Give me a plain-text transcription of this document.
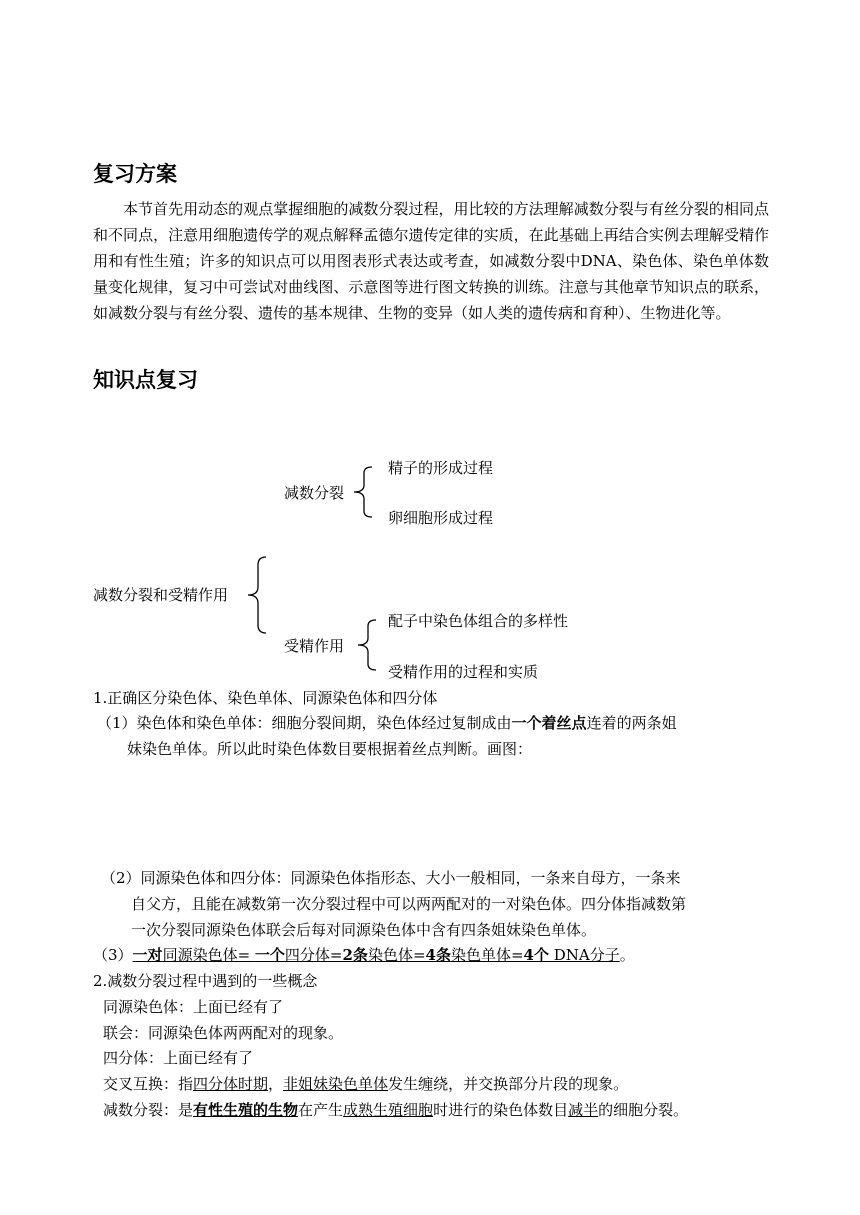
复习方案
本节首先用动态的观点掌握细胞的减数分裂过程，用比较的方法理解减数分裂与有丝分裂的相同点和不同点，注意用细胞遗传学的观点解释孟德尔遗传定律的实质，在此基础上再结合实例去理解受精作用和有性生殖；许多的知识点可以用图表形式表达或考查，如减数分裂中DNA、染色体、染色单体数量变化规律，复习中可尝试对曲线图、示意图等进行图文转换的训练。注意与其他章节知识点的联系，如减数分裂与有丝分裂、遗传的基本规律、生物的变异（如人类的遗传病和育种）、生物进化等。
知识点复习
减数分裂和受精作用
减数分裂
精子的形成过程
卵细胞形成过程
受精作用
配子中染色体组合的多样性
受精作用的过程和实质
1.正确区分染色体、染色单体、同源染色体和四分体
（1）染色体和染色单体：细胞分裂间期，染色体经过复制成由一个着丝点连着的两条姐
妹染色单体。所以此时染色体数目要根据着丝点判断。画图：
（2）同源染色体和四分体：同源染色体指形态、大小一般相同，一条来自母方，一条来
自父方，且能在减数第一次分裂过程中可以两两配对的一对染色体。四分体指减数第
一次分裂同源染色体联会后每对同源染色体中含有四条姐妹染色单体。
（3）一对同源染色体= 一个四分体=2条染色体=4条染色单体=4个 DNA分子。
2.减数分裂过程中遇到的一些概念
同源染色体：上面已经有了
联会：同源染色体两两配对的现象。
四分体：上面已经有了
交叉互换：指四分体时期，非姐妹染色单体发生缠绕，并交换部分片段的现象。
减数分裂：是有性生殖的生物在产生成熟生殖细胞时进行的染色体数目减半的细胞分裂。
